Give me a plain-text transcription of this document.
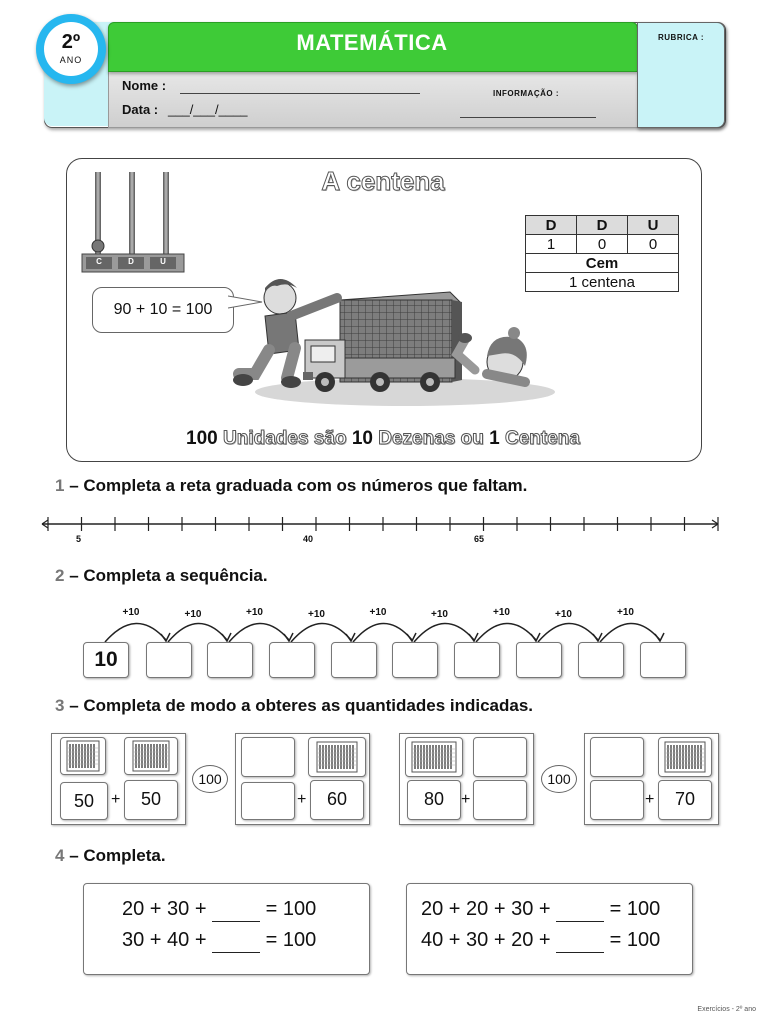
MATEMÁTICA	RUBRICA :
Nome :
Data : ___/___/____
INFORMAÇÃO :
2º
ANO
A centena
C	D	U
D	D	U
1	0	0
Cem		
1 centena		
90 + 10 = 100
100 Unidades são 10 Dezenas ou 1 Centena
1 – Completa a reta graduada com os números que faltam.
5	40	65
2 – Completa a sequência.
+10	+10	+10	+10	+10	+10	+10	+10	+10
10
3 – Completa de modo a obteres as quantidades indicadas.
50	+	50
100
+	60	80	+
100
+	70
4 – Completa.
20 + 30 +   = 100
30 + 40 +   = 100
20 + 20 + 30 +   = 100
40 + 30 + 20 +   = 100
Exercícios - 2º ano
